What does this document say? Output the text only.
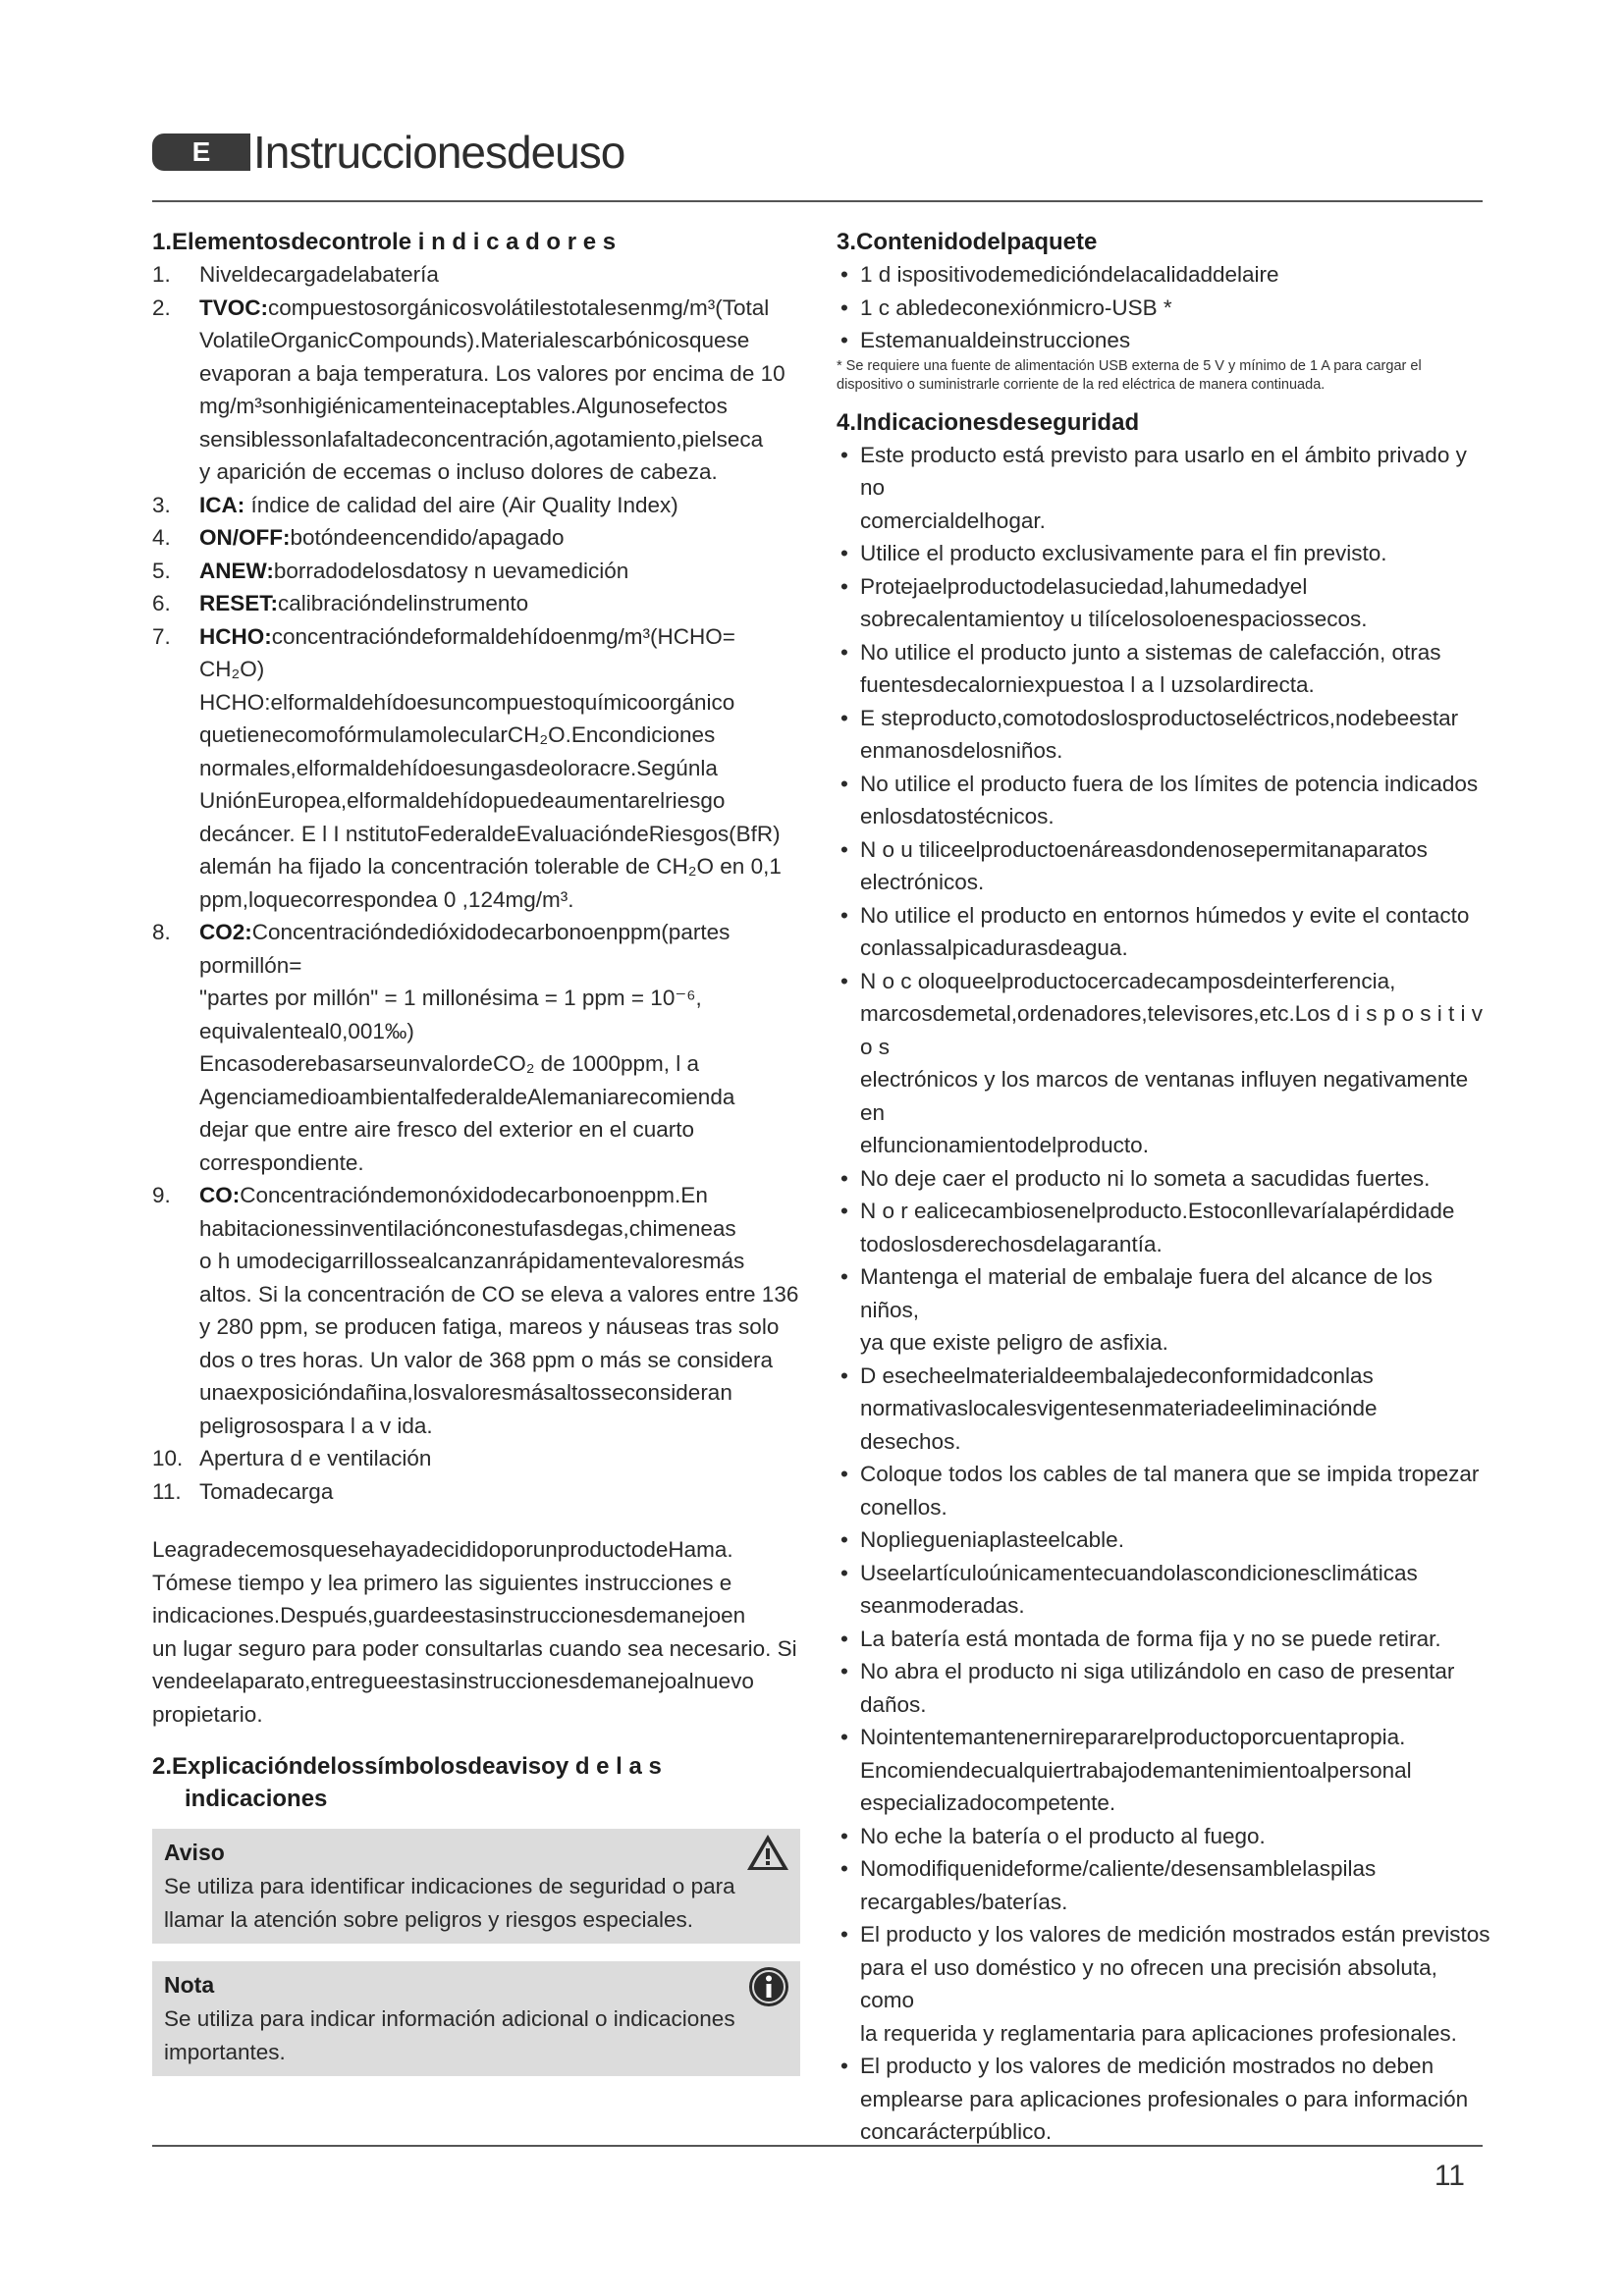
E Instruccionesdeuso
1.Elementosdecontrole i n d i c a d o r e s
1. Niveldecargadelabatería
2. TVOC:compuestosorgánicosvolátilestotalesenmg/m³(Total
VolatileOrganicCompounds).Materialescarbónicosquese
evaporan a baja temperatura. Los valores por encima de 10
mg/m³sonhigiénicamenteinaceptables.Algunosefectos
sensiblessonlafaltadeconcentración,agotamiento,pielseca
y aparición de eccemas o incluso dolores de cabeza.
3. ICA: índice de calidad del aire (Air Quality Index)
4. ON/OFF:botóndeencendido/apagado
5. ANEW:borradodelosdatosy n uevamedición
6. RESET:calibracióndelinstrumento
7. HCHO:concentracióndeformaldehídoenmg/m³(HCHO=
CH₂O)
HCHO:elformaldehídoesuncompuestoquímicoorgánico
quetienecomofórmulamolecularCH₂O.Encondiciones
normales,elformaldehídoesungasdeoloracre.Segúnla
UniónEuropea,elformaldehídopuedeaumentarelriesgo
decáncer. E l I nstitutoFederaldeEvaluacióndeRiesgos(BfR)
alemán ha fijado la concentración tolerable de CH₂O en 0,1
ppm,loquecorrespondea 0 ,124mg/m³.
8. CO2:Concentracióndedióxidodecarbonoenppm(partes
pormillón=
"partes por millón" = 1 millonésima = 1 ppm = 10⁻⁶,
equivalenteal0,001‰)
EncasoderebasarseunvalordeCO₂ de 1000ppm, l a
AgenciamedioambientalfederaldeAlemaniarecomienda
dejar que entre aire fresco del exterior en el cuarto
correspondiente.
9. CO:Concentracióndemonóxidodecarbonoenppm.En
habitacionessinventilaciónconestufasdegas,chimeneas
o h umodecigarrillossealcanzanrápidamentevaloresmás
altos. Si la concentración de CO se eleva a valores entre 136
y 280 ppm, se producen fatiga, mareos y náuseas tras solo
dos o tres horas. Un valor de 368 ppm o más se considera
unaexposicióndañina,losvaloresmásaltosseconsideran
peligrosospara l a v ida.
10. Apertura d e ventilación
11. Tomadecarga
LeagradecemosquesehayadecididoporunproductodeHama.
Tómese tiempo y lea primero las siguientes instrucciones e
indicaciones.Después,guardeestasinstruccionesdemanejoen
un lugar seguro para poder consultarlas cuando sea necesario. Si
vendeelaparato,entregueestasinstruccionesdemanejoalnuevo
propietario.
2.Explicacióndelossímbolosdeavisoy d e l a s
indicaciones
Aviso
Se utiliza para identificar indicaciones de seguridad o para llamar la atención sobre peligros y riesgos especiales.
Nota
Se utiliza para indicar información adicional o indicaciones importantes.
3.Contenidodelpaquete
• 1 d ispositivodemedicióndelacalidaddelaire
• 1 c abledeconexiónmicro-USB *
• Estemanualdeinstrucciones
* Se requiere una fuente de alimentación USB externa de 5 V y mínimo de 1 A para cargar el
dispositivo o suministrarle corriente de la red eléctrica de manera continuada.
4.Indicacionesdeseguridad
• Este producto está previsto para usarlo en el ámbito privado y no
comercialdelhogar.
• Utilice el producto exclusivamente para el fin previsto.
• Protejaelproductodelasuciedad,lahumedadyel
sobrecalentamientoy u tilícelosoloenespaciossecos.
• No utilice el producto junto a sistemas de calefacción, otras
fuentesdecalorniexpuestoa l a l uzsolardirecta.
• E steproducto,comotodoslosproductoseléctricos,nodebeestar
enmanosdelosniños.
• No utilice el producto fuera de los límites de potencia indicados
enlosdatostécnicos.
• N o u tiliceelproductoenáreasdondenosepermitanaparatos
electrónicos.
• No utilice el producto en entornos húmedos y evite el contacto
conlassalpicadurasdeagua.
• N o c oloqueelproductocercadecamposdeinterferencia,
marcosdemetal,ordenadores,televisores,etc.Los d i s p o s i t i v o s
electrónicos y los marcos de ventanas influyen negativamente en
elfuncionamientodelproducto.
• No deje caer el producto ni lo someta a sacudidas fuertes.
• N o r ealicecambiosenelproducto.Estoconllevaríalapérdidade
todoslosderechosdelagarantía.
• Mantenga el material de embalaje fuera del alcance de los niños,
ya que existe peligro de asfixia.
• D esecheelmaterialdeembalajedeconformidadconlas
normativaslocalesvigentesenmateriadeeliminaciónde
desechos.
• Coloque todos los cables de tal manera que se impida tropezar
conellos.
• Nopliegueniaplasteelcable.
• Useelartículoúnicamentecuandolascondicionesclimáticas
seanmoderadas.
• La batería está montada de forma fija y no se puede retirar.
• No abra el producto ni siga utilizándolo en caso de presentar
daños.
• Nointentemantenernirepararelproductoporcuentapropia.
Encomiendecualquiertrabajodemantenimientoalpersonal
especializadocompetente.
• No eche la batería o el producto al fuego.
• Nomodifiquenideforme/caliente/desensamblelaspilas
recargables/baterías.
• El producto y los valores de medición mostrados están previstos
para el uso doméstico y no ofrecen una precisión absoluta, como
la requerida y reglamentaria para aplicaciones profesionales.
• El producto y los valores de medición mostrados no deben
emplearse para aplicaciones profesionales o para información
concarácterpúblico.
11
